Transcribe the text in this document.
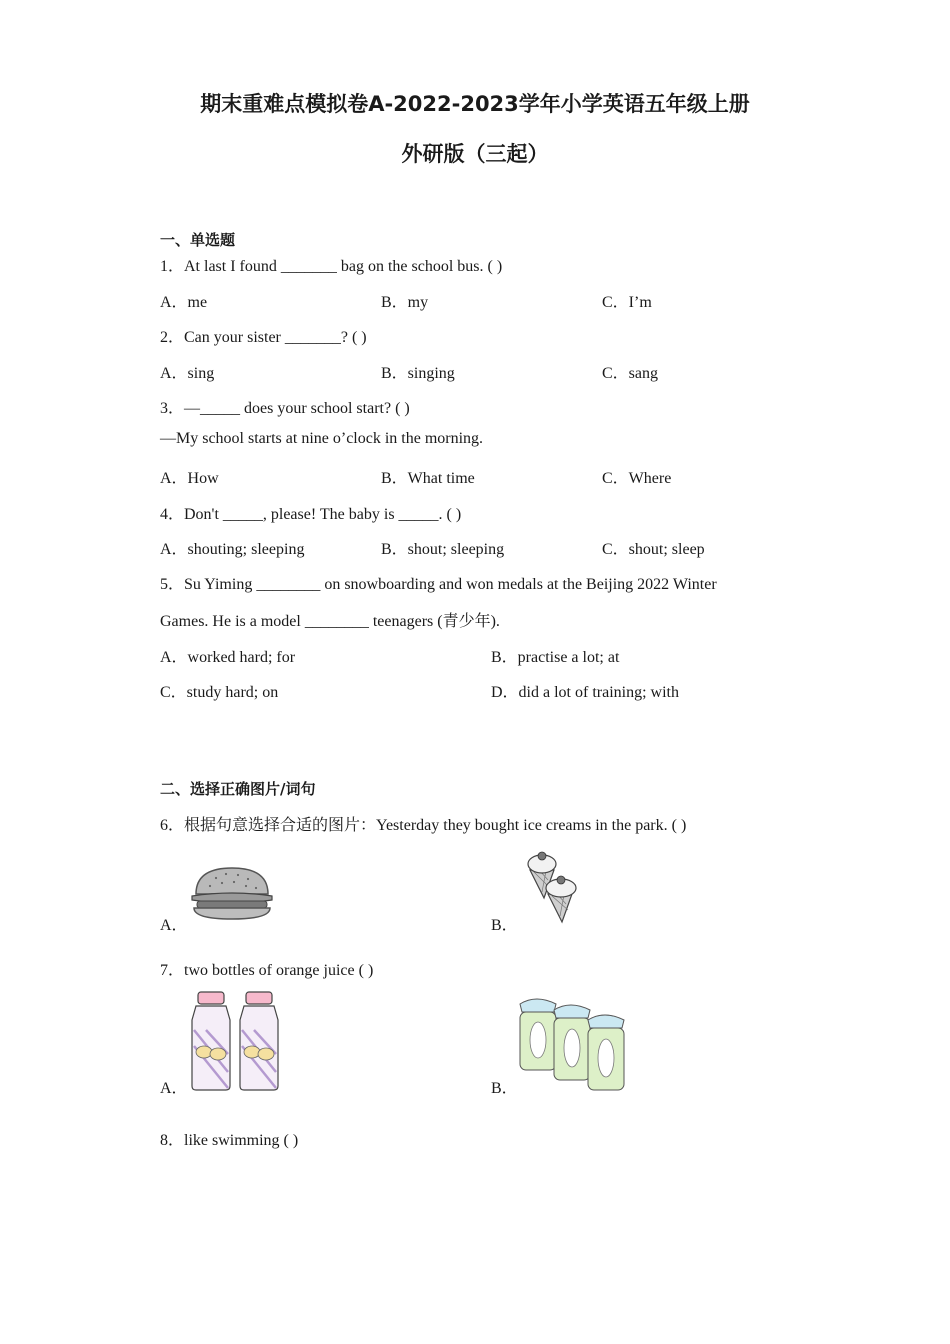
期末重难点模拟卷A-2022-2023学年小学英语五年级上册
外研版（三起）
一、单选题
1．At last I found _______ bag on the school bus. ( )
A．me	B．my	C．I’m
2．Can your sister _______? ( )
A．sing	B．singing	C．sang
3．—_____ does your school start? ( )
—My school starts at nine o’clock in the morning.
A．How	B．What time	C．Where
4．Don't _____, please! The baby is _____. ( )
A．shouting; sleeping	B．shout; sleeping	C．shout; sleep
5．Su Yiming ________ on snowboarding and won medals at the Beijing 2022 Winter
Games. He is a model ________ teenagers (青少年).
A．worked hard; for	B．practise a lot; at
C．study hard; on	D．did a lot of training; with
二、选择正确图片/词句
6．根据句意选择合适的图片：Yesterday they bought ice creams in the park. ( )
A．	B．
7．two bottles of orange juice ( )
A．	B．
8．like swimming ( )
